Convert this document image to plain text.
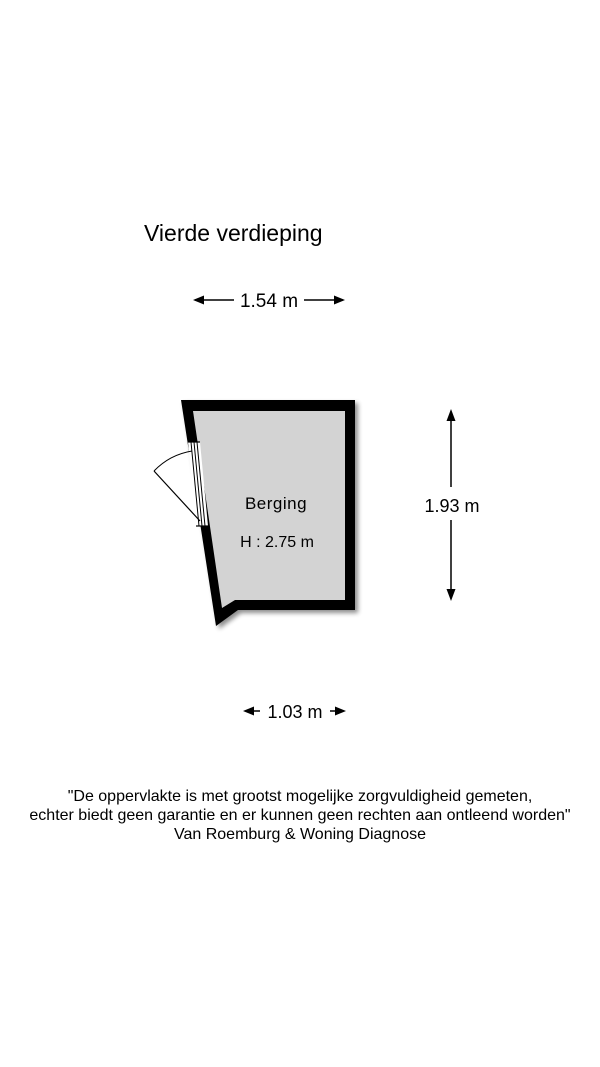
Vierde verdieping
1.54 m
Berging
H : 2.75 m
1.93 m
1.03 m
"De oppervlakte is met grootst mogelijke zorgvuldigheid gemeten,
echter biedt geen garantie en er kunnen geen rechten aan ontleend worden"
Van Roemburg & Woning Diagnose
